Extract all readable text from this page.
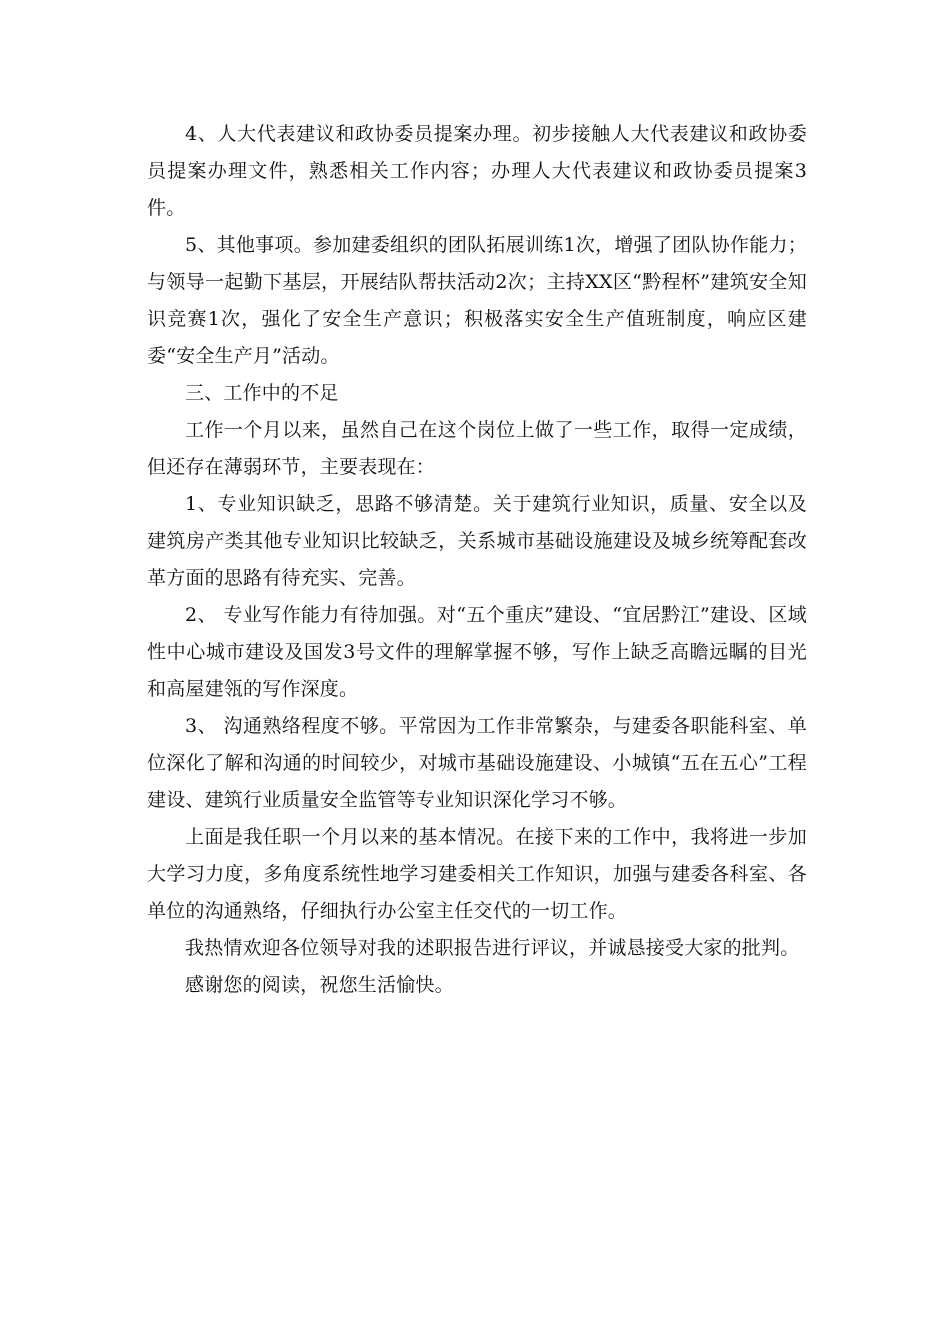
4、人大代表建议和政协委员提案办理。初步接触人大代表建议和政协委员提案办理文件，熟悉相关工作内容；办理人大代表建议和政协委员提案3件。

5、其他事项。参加建委组织的团队拓展训练1次，增强了团队协作能力；与领导一起勤下基层，开展结队帮扶活动2次；主持XX区“黔程杯”建筑安全知识竞赛1次，强化了安全生产意识；积极落实安全生产值班制度，响应区建委“安全生产月”活动。

三、工作中的不足

工作一个月以来，虽然自己在这个岗位上做了一些工作，取得一定成绩，但还存在薄弱环节，主要表现在：

1、专业知识缺乏，思路不够清楚。关于建筑行业知识，质量、安全以及建筑房产类其他专业知识比较缺乏，关系城市基础设施建设及城乡统筹配套改革方面的思路有待充实、完善。

2、 专业写作能力有待加强。对“五个重庆”建设、“宜居黔江”建设、区域性中心城市建设及国发3号文件的理解掌握不够，写作上缺乏高瞻远瞩的目光和高屋建瓴的写作深度。

3、 沟通熟络程度不够。平常因为工作非常繁杂，与建委各职能科室、单位深化了解和沟通的时间较少，对城市基础设施建设、小城镇“五在五心”工程建设、建筑行业质量安全监管等专业知识深化学习不够。

上面是我任职一个月以来的基本情况。在接下来的工作中，我将进一步加大学习力度，多角度系统性地学习建委相关工作知识，加强与建委各科室、各单位的沟通熟络，仔细执行办公室主任交代的一切工作。

我热情欢迎各位领导对我的述职报告进行评议，并诚恳接受大家的批判。

感谢您的阅读，祝您生活愉快。
